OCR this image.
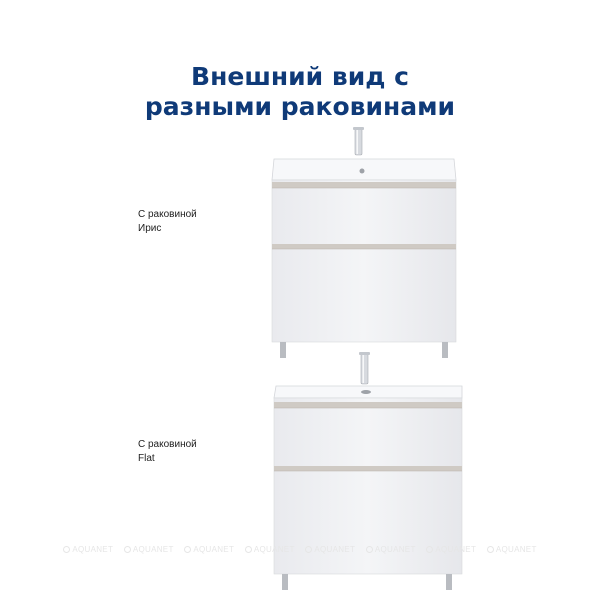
Внешний вид с
разными раковинами
С раковиной
Ирис
С раковиной
Flat
AQUANET AQUANET AQUANET AQUANET AQUANET AQUANET AQUANET AQUANET
